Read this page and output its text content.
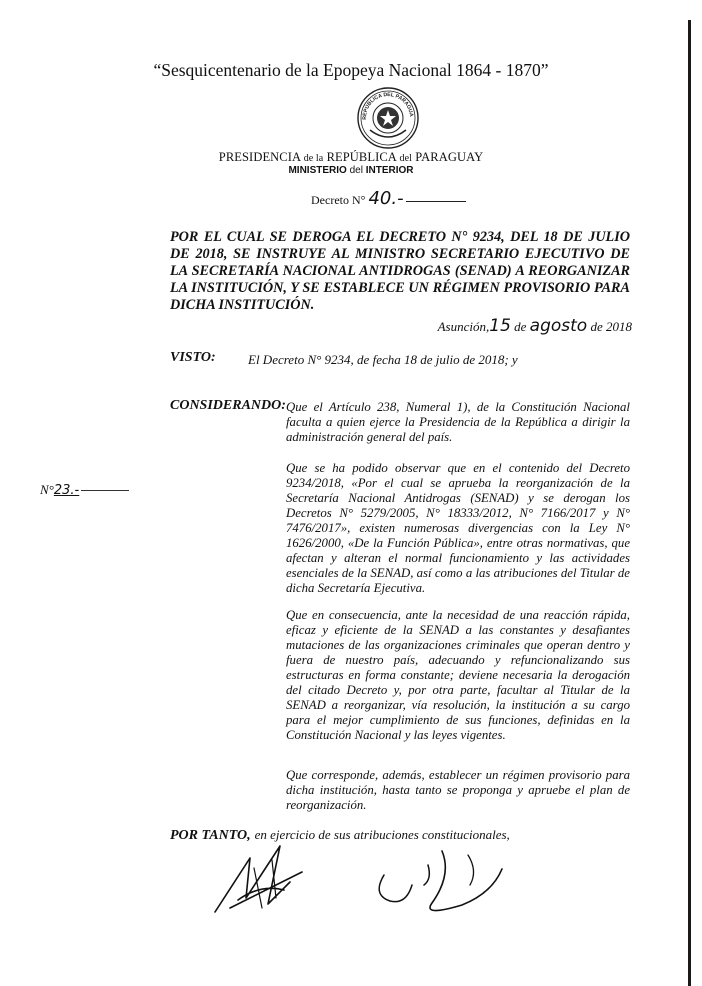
“Sesquicentenario de la Epopeya Nacional 1864 - 1870”
REPÚBLICA DEL PARAGUA
PRESIDENCIA de la REPÚBLICA del PARAGUAY
MINISTERIO del INTERIOR
Decreto N° 40.-
POR EL CUAL SE DEROGA EL DECRETO N° 9234, DEL 18 DE JULIO DE 2018, SE INSTRUYE AL MINISTRO SECRETARIO EJECUTIVO DE LA SECRETARÍA NACIONAL ANTIDROGAS (SENAD) A REORGANIZAR LA INSTITUCIÓN, Y SE ESTABLECE UN RÉGIMEN PROVISORIO PARA DICHA INSTITUCIÓN.
Asunción,15 de agosto de 2018
VISTO: El Decreto N° 9234, de fecha 18 de julio de 2018; y
CONSIDERANDO: Que el Artículo 238, Numeral 1), de la Constitución Nacional faculta a quien ejerce la Presidencia de la República a dirigir la administración general del país.
Que se ha podido observar que en el contenido del Decreto 9234/2018, «Por el cual se aprueba la reorganización de la Secretaría Nacional Antidrogas (SENAD) y se derogan los Decretos N° 5279/2005, N° 18333/2012, N° 7166/2017 y N° 7476/2017», existen numerosas divergencias con la Ley N° 1626/2000, «De la Función Pública», entre otras normativas, que afectan y alteran el normal funcionamiento y las actividades esenciales de la SENAD, así como a las atribuciones del Titular de dicha Secretaría Ejecutiva.
Que en consecuencia, ante la necesidad de una reacción rápida, eficaz y eficiente de la SENAD a las constantes y desafiantes mutaciones de las organizaciones criminales que operan dentro y fuera de nuestro país, adecuando y refuncionalizando sus estructuras en forma constante; deviene necesaria la derogación del citado Decreto y, por otra parte, facultar al Titular de la SENAD a reorganizar, vía resolución, la institución a su cargo para el mejor cumplimiento de sus funciones, definidas en la Constitución Nacional y las leyes vigentes.
Que corresponde, además, establecer un régimen provisorio para dicha institución, hasta tanto se proponga y apruebe el plan de reorganización.
N°23.-
POR TANTO, en ejercicio de sus atribuciones constitucionales,
